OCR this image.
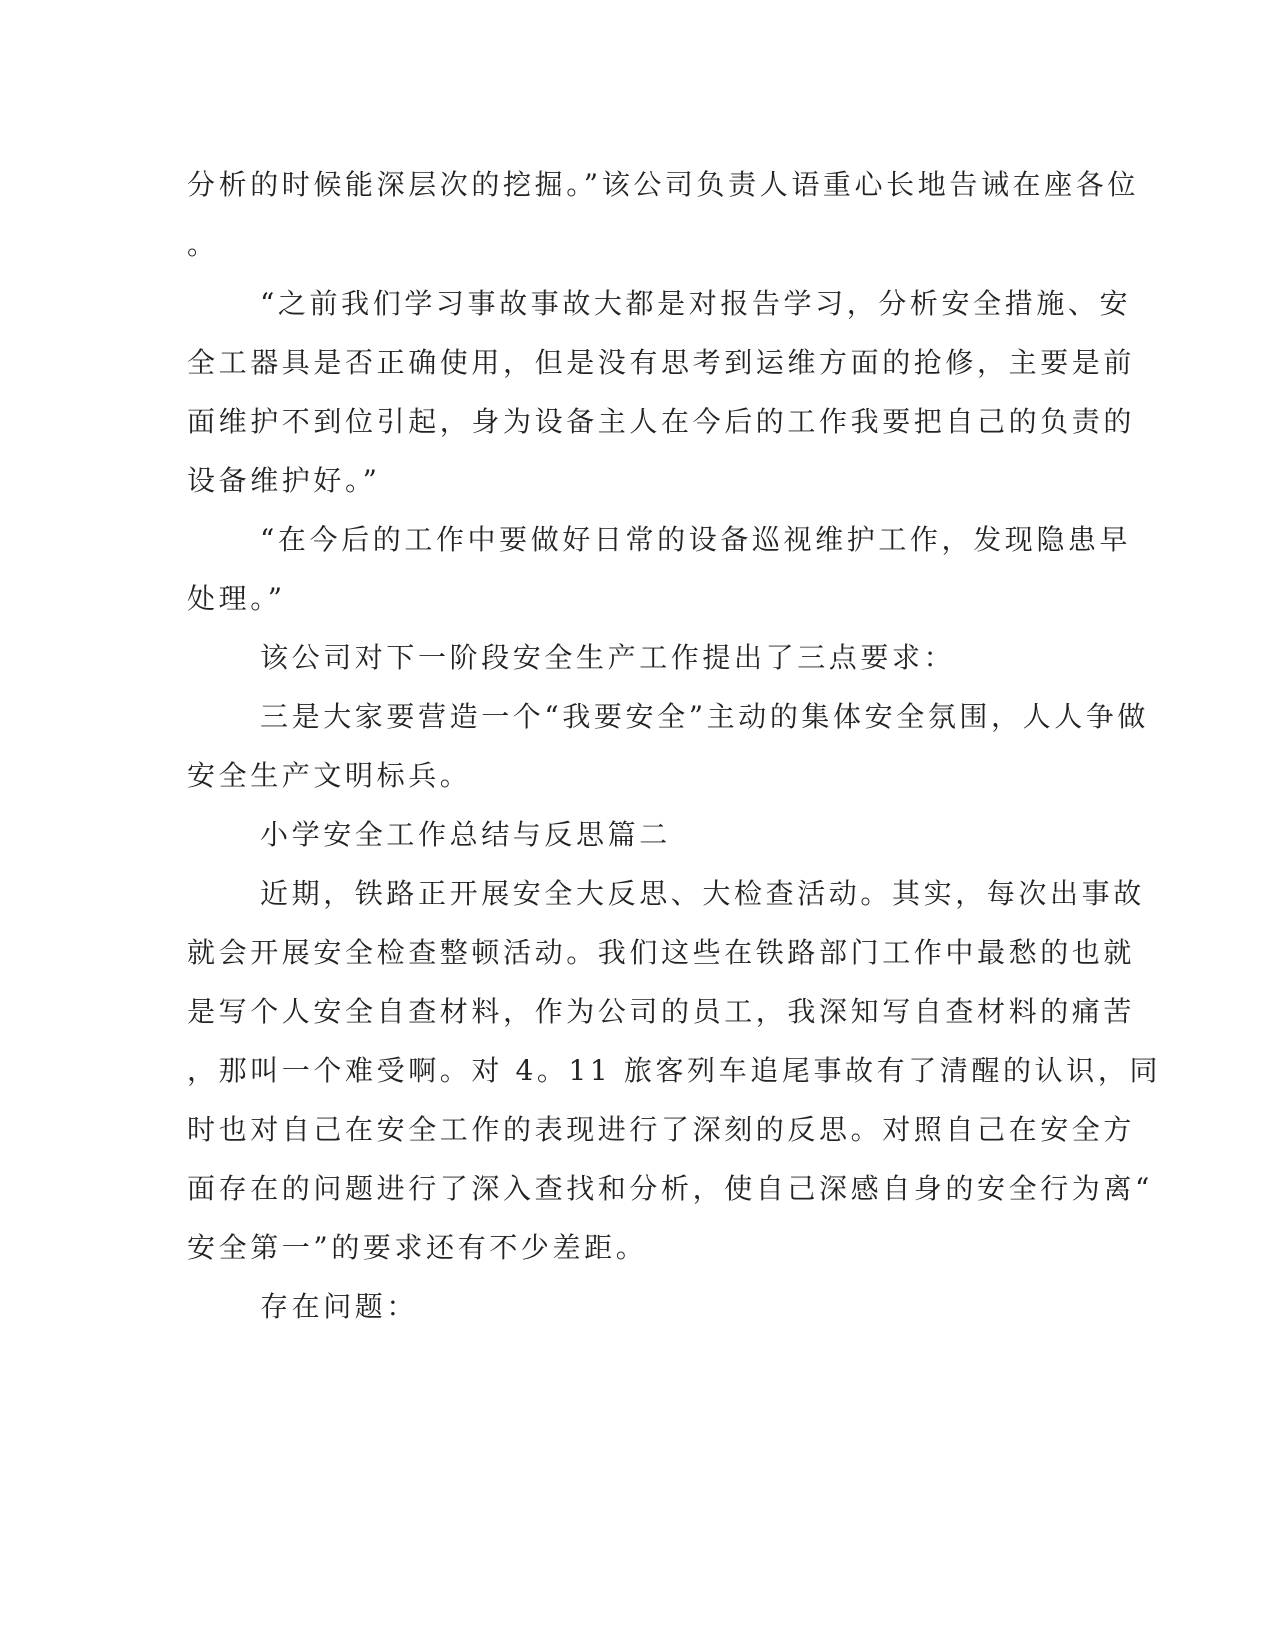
分析的时候能深层次的挖掘。”该公司负责人语重心长地告诫在座各位
。
“之前我们学习事故事故大都是对报告学习，分析安全措施、安
全工器具是否正确使用，但是没有思考到运维方面的抢修，主要是前
面维护不到位引起，身为设备主人在今后的工作我要把自己的负责的
设备维护好。”
“在今后的工作中要做好日常的设备巡视维护工作，发现隐患早
处理。”
该公司对下一阶段安全生产工作提出了三点要求：
三是大家要营造一个“我要安全”主动的集体安全氛围，人人争做
安全生产文明标兵。
小学安全工作总结与反思篇二
近期，铁路正开展安全大反思、大检查活动。其实，每次出事故
就会开展安全检查整顿活动。我们这些在铁路部门工作中最愁的也就
是写个人安全自查材料，作为公司的员工，我深知写自查材料的痛苦
，那叫一个难受啊。对 4。11 旅客列车追尾事故有了清醒的认识，同
时也对自己在安全工作的表现进行了深刻的反思。对照自己在安全方
面存在的问题进行了深入查找和分析，使自己深感自身的安全行为离“
安全第一”的要求还有不少差距。
存在问题：
